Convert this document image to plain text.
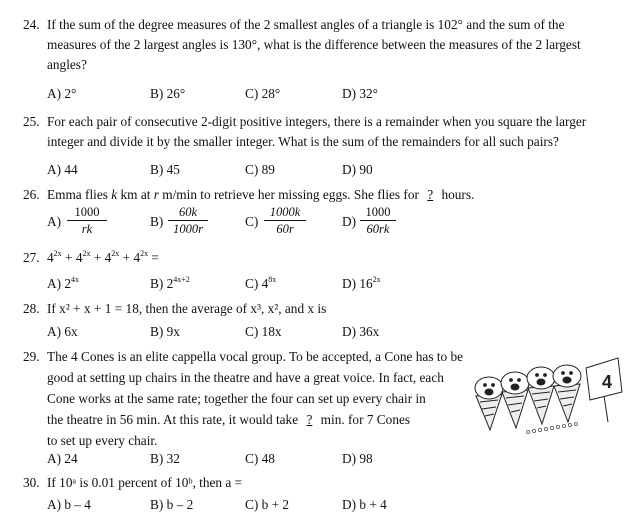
24. If the sum of the degree measures of the 2 smallest angles of a triangle is 102° and the sum of the
measures of the 2 largest angles is 130°, what is the difference between the measures of the 2 largest
angles?
A) 2°	B) 26°	C) 28°	D) 32°
25. For each pair of consecutive 2-digit positive integers, there is a remainder when you square the larger
integer and divide it by the smaller integer. What is the sum of the remainders for all such pairs?
A) 44	B) 45	C) 89	D) 90
26. Emma flies k km at r m/min to retrieve her missing eggs. She flies for ? hours.
$A) \frac{1000}{rk}$	$B) \frac{60k}{1000r}$	$C) \frac{1000k}{60r}$	$D) \frac{1000}{60rk}$
27. $4^{2x} + 4^{2x} + 4^{2x} + 4^{2x}$ =
A) $2^{4x}$	B) $2^{4x+2}$	C) $4^{8x}$	D) $16^{2x}$
28. If x² + x + 1 = 18, then the average of x³, x², and x is
A) 6x	B) 9x	C) 18x	D) 36x
29. The 4 Cones is an elite cappella vocal group. To be accepted, a Cone has to be
good at setting up chairs in the theatre and have a great voice. In fact, each
Cone works at the same rate; together the four can set up every chair in
the theatre in 56 min. At this rate, it would take ? min. for 7 Cones
to set up every chair.
4
A) 24	B) 32	C) 48	D) 98
30. If 10ᵃ is 0.01 percent of 10ᵇ, then a =
A) b – 4	B) b – 2	C) b + 2	D) b + 4
